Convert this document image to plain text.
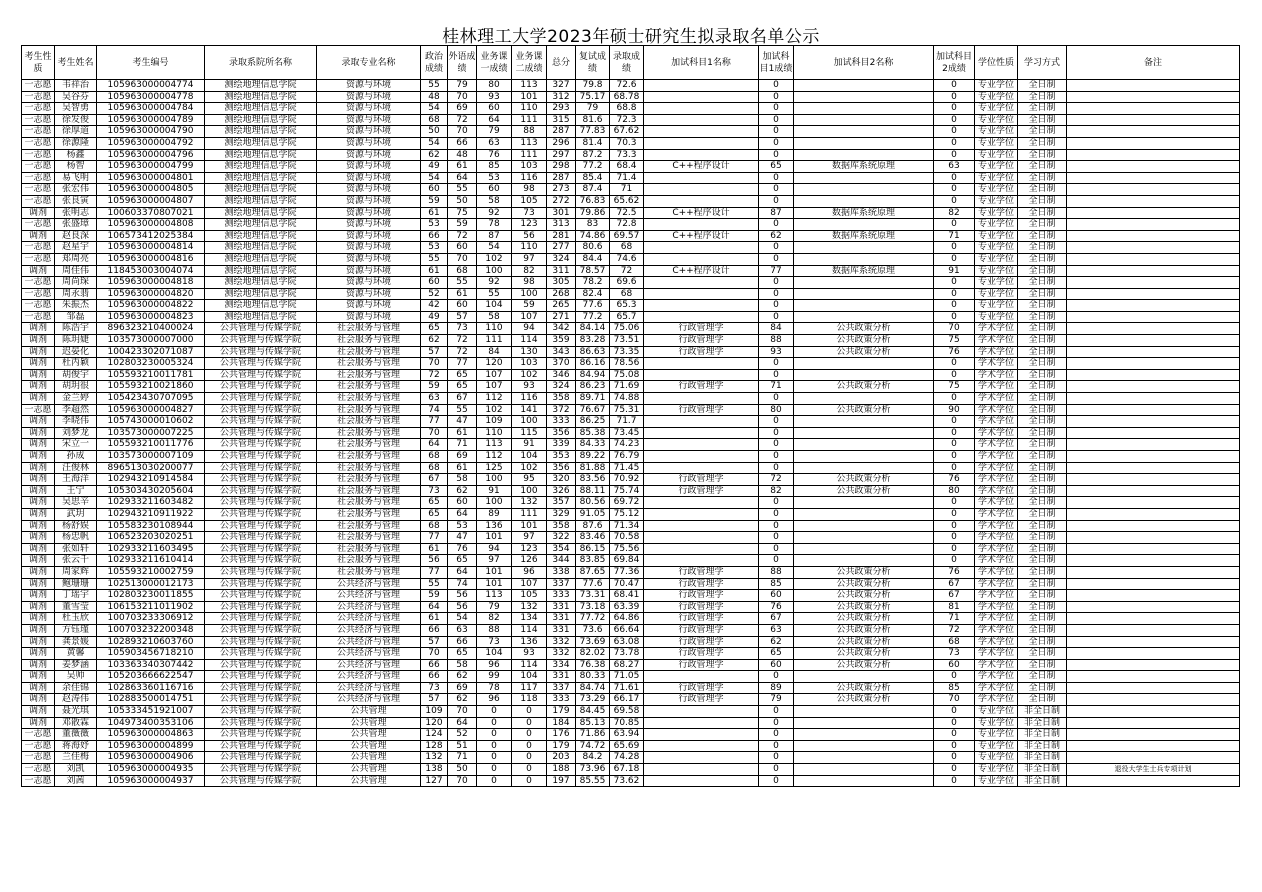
桂林理工大学2023年硕士研究生拟录取名单公示
考生性质	考生姓名	考生编号	录取系院所名称	录取专业名称	政治成绩	外语成绩	业务课一成绩	业务课二成绩	总分	复试成绩	录取成绩	加试科目1名称	加试科目1成绩	加试科目2名称	加试科目2成绩	学位性质	学习方式	备注
一志愿	韦祥治	105963000004774	测绘地理信息学院	资源与环境	55	79	80	113	327	79.8	72.6		0		0	专业学位	全日制	
一志愿	吴谷芬	105963000004778	测绘地理信息学院	资源与环境	48	70	93	101	312	75.17	68.78		0		0	专业学位	全日制	
一志愿	吴智勇	105963000004784	测绘地理信息学院	资源与环境	54	69	60	110	293	79	68.8		0		0	专业学位	全日制	
一志愿	徐发俊	105963000004789	测绘地理信息学院	资源与环境	68	72	64	111	315	81.6	72.3		0		0	专业学位	全日制	
一志愿	徐厚道	105963000004790	测绘地理信息学院	资源与环境	50	70	79	88	287	77.83	67.62		0		0	专业学位	全日制	
一志愿	徐源隆	105963000004792	测绘地理信息学院	资源与环境	54	66	63	113	296	81.4	70.3		0		0	专业学位	全日制	
一志愿	杨鑫	105963000004796	测绘地理信息学院	资源与环境	62	48	76	111	297	87.2	73.3		0		0	专业学位	全日制	
一志愿	杨智	105963000004799	测绘地理信息学院	资源与环境	49	61	85	103	298	77.2	68.4	C++程序设计	65	数据库系统原理	63	专业学位	全日制	
一志愿	易飞明	105963000004801	测绘地理信息学院	资源与环境	54	64	53	116	287	85.4	71.4		0		0	专业学位	全日制	
一志愿	张宏伟	105963000004805	测绘地理信息学院	资源与环境	60	55	60	98	273	87.4	71		0		0	专业学位	全日制	
一志愿	张良寅	105963000004807	测绘地理信息学院	资源与环境	59	50	58	105	272	76.83	65.62		0		0	专业学位	全日制	
调剂	张明志	100603370807021	测绘地理信息学院	资源与环境	61	75	92	73	301	79.86	72.5	C++程序设计	87	数据库系统原理	82	专业学位	全日制	
一志愿	张盛璋	105963000004808	测绘地理信息学院	资源与环境	53	59	78	123	313	83	72.8		0		0	专业学位	全日制	
调剂	赵良深	106573412025384	测绘地理信息学院	资源与环境	66	72	87	56	281	74.86	69.57	C++程序设计	62	数据库系统原理	71	专业学位	全日制	
一志愿	赵星宇	105963000004814	测绘地理信息学院	资源与环境	53	60	54	110	277	80.6	68		0		0	专业学位	全日制	
一志愿	郑周亮	105963000004816	测绘地理信息学院	资源与环境	55	70	102	97	324	84.4	74.6		0		0	专业学位	全日制	
调剂	周佳伟	118453003004074	测绘地理信息学院	资源与环境	61	68	100	82	311	78.57	72	C++程序设计	77	数据库系统原理	91	专业学位	全日制	
一志愿	周尚琛	105963000004818	测绘地理信息学院	资源与环境	60	55	92	98	305	78.2	69.6		0		0	专业学位	全日制	
一志愿	周永翡	105963000004820	测绘地理信息学院	资源与环境	52	61	55	100	268	82.4	68		0		0	专业学位	全日制	
一志愿	朱振杰	105963000004822	测绘地理信息学院	资源与环境	42	60	104	59	265	77.6	65.3		0		0	专业学位	全日制	
一志愿	邹磊	105963000004823	测绘地理信息学院	资源与环境	49	57	58	107	271	77.2	65.7		0		0	专业学位	全日制	
调剂	陈浩宇	896323210400024	公共管理与传媒学院	社会服务与管理	65	73	110	94	342	84.14	75.06	行政管理学	84	公共政策分析	70	学术学位	全日制	
调剂	陈玥婕	103573000007000	公共管理与传媒学院	社会服务与管理	62	72	111	114	359	83.28	73.51	行政管理学	88	公共政策分析	75	学术学位	全日制	
调剂	迟晏化	100423302071087	公共管理与传媒学院	社会服务与管理	57	72	84	130	343	86.63	73.35	行政管理学	93	公共政策分析	76	学术学位	全日制	
调剂	杜丙颖	102803230005324	公共管理与传媒学院	社会服务与管理	70	77	120	103	370	86.16	78.56		0		0	学术学位	全日制	
调剂	胡俊宇	105593210011781	公共管理与传媒学院	社会服务与管理	72	65	107	102	346	84.94	75.08		0		0	学术学位	全日制	
调剂	胡玥很	105593210021860	公共管理与传媒学院	社会服务与管理	59	65	107	93	324	86.23	71.69	行政管理学	71	公共政策分析	75	学术学位	全日制	
调剂	金兰婷	105423430707095	公共管理与传媒学院	社会服务与管理	63	67	112	116	358	89.71	74.88		0		0	学术学位	全日制	
一志愿	李超然	105963000004827	公共管理与传媒学院	社会服务与管理	74	55	102	141	372	76.67	75.31	行政管理学	80	公共政策分析	90	学术学位	全日制	
调剂	李晓伟	105743000010602	公共管理与传媒学院	社会服务与管理	77	47	109	100	333	86.25	71.7		0		0	学术学位	全日制	
调剂	刘梦龙	103573000007225	公共管理与传媒学院	社会服务与管理	70	61	110	115	356	85.38	73.45		0		0	学术学位	全日制	
调剂	宋立一	105593210011776	公共管理与传媒学院	社会服务与管理	64	71	113	91	339	84.33	74.23		0		0	学术学位	全日制	
调剂	孙成	103573000007109	公共管理与传媒学院	社会服务与管理	68	69	112	104	353	89.22	76.79		0		0	学术学位	全日制	
调剂	汪俊林	896513030200077	公共管理与传媒学院	社会服务与管理	68	61	125	102	356	81.88	71.45		0		0	学术学位	全日制	
调剂	王海洋	102943210914584	公共管理与传媒学院	社会服务与管理	67	58	100	95	320	83.56	70.92	行政管理学	72	公共政策分析	76	学术学位	全日制	
调剂	王宁	105303430205604	公共管理与传媒学院	社会服务与管理	73	62	91	100	326	88.11	75.74	行政管理学	82	公共政策分析	80	学术学位	全日制	
调剂	吴思辛	102933211603482	公共管理与传媒学院	社会服务与管理	65	60	100	132	357	80.56	69.72		0		0	学术学位	全日制	
调剂	武玥	102943210911922	公共管理与传媒学院	社会服务与管理	65	64	89	111	329	91.05	75.12		0		0	学术学位	全日制	
调剂	杨舒娱	105583230108944	公共管理与传媒学院	社会服务与管理	68	53	136	101	358	87.6	71.34		0		0	学术学位	全日制	
调剂	杨忠帆	106523203020251	公共管理与传媒学院	社会服务与管理	77	47	101	97	322	83.46	70.58		0		0	学术学位	全日制	
调剂	张如轩	102933211603495	公共管理与传媒学院	社会服务与管理	61	76	94	123	354	86.15	75.56		0		0	学术学位	全日制	
调剂	张云千	102933211610414	公共管理与传媒学院	社会服务与管理	56	65	97	126	344	83.85	69.84		0		0	学术学位	全日制	
调剂	周家辉	105593210002759	公共管理与传媒学院	社会服务与管理	77	64	101	96	338	87.65	77.36	行政管理学	88	公共政策分析	76	学术学位	全日制	
调剂	鲍珊珊	102513000012173	公共管理与传媒学院	公共经济与管理	55	74	101	107	337	77.6	70.47	行政管理学	85	公共政策分析	67	学术学位	全日制	
调剂	丁瑶宇	102803230011855	公共管理与传媒学院	公共经济与管理	59	56	113	105	333	73.31	68.41	行政管理学	60	公共政策分析	67	学术学位	全日制	
调剂	董雪莹	106153211011902	公共管理与传媒学院	公共经济与管理	64	56	79	132	331	73.18	63.39	行政管理学	76	公共政策分析	81	学术学位	全日制	
调剂	杜玉欣	100703233306912	公共管理与传媒学院	公共经济与管理	61	54	82	134	331	77.72	64.86	行政管理学	67	公共政策分析	71	学术学位	全日制	
调剂	方钰瑾	100703232200348	公共管理与传媒学院	公共经济与管理	66	63	88	114	331	73.6	66.64	行政管理学	63	公共政策分析	72	学术学位	全日制	
调剂	龚景媛	102893210603760	公共管理与传媒学院	公共经济与管理	57	66	73	136	332	73.69	63.08	行政管理学	62	公共政策分析	68	学术学位	全日制	
调剂	黄馨	105903456718210	公共管理与传媒学院	公共经济与管理	70	65	104	93	332	82.02	73.78	行政管理学	65	公共政策分析	73	学术学位	全日制	
调剂	姜梦涵	103363340307442	公共管理与传媒学院	公共经济与管理	66	58	96	114	334	76.38	68.27	行政管理学	60	公共政策分析	60	学术学位	全日制	
调剂	吴帅	105203666622547	公共管理与传媒学院	公共经济与管理	66	62	99	104	331	80.33	71.05		0		0	学术学位	全日制	
调剂	余佳锦	102863360116716	公共管理与传媒学院	公共经济与管理	73	69	78	117	337	84.74	71.61	行政管理学	89	公共政策分析	85	学术学位	全日制	
调剂	赵涛伟	102883500014751	公共管理与传媒学院	公共经济与管理	57	62	96	118	333	73.29	66.17	行政管理学	79	公共政策分析	70	学术学位	全日制	
调剂	聂光琪	105333451921007	公共管理与传媒学院	公共管理	109	70	0	0	179	84.45	69.58		0		0	专业学位	非全日制	
调剂	邓散霖	104973400353106	公共管理与传媒学院	公共管理	120	64	0	0	184	85.13	70.85		0		0	专业学位	非全日制	
一志愿	董薇薇	105963000004863	公共管理与传媒学院	公共管理	124	52	0	0	176	71.86	63.94		0		0	专业学位	非全日制	
一志愿	蒋海妤	105963000004899	公共管理与传媒学院	公共管理	128	51	0	0	179	74.72	65.69		0		0	专业学位	非全日制	
一志愿	兰佳梅	105963000004906	公共管理与传媒学院	公共管理	132	71	0	0	203	84.2	74.28		0		0	专业学位	非全日制	
一志愿	刘凯	105963000004935	公共管理与传媒学院	公共管理	138	50	0	0	188	73.96	67.18		0		0	专业学位	非全日制	退役大学生士兵专项计划
一志愿	刘茜	105963000004937	公共管理与传媒学院	公共管理	127	70	0	0	197	85.55	73.62		0		0	专业学位	非全日制	
